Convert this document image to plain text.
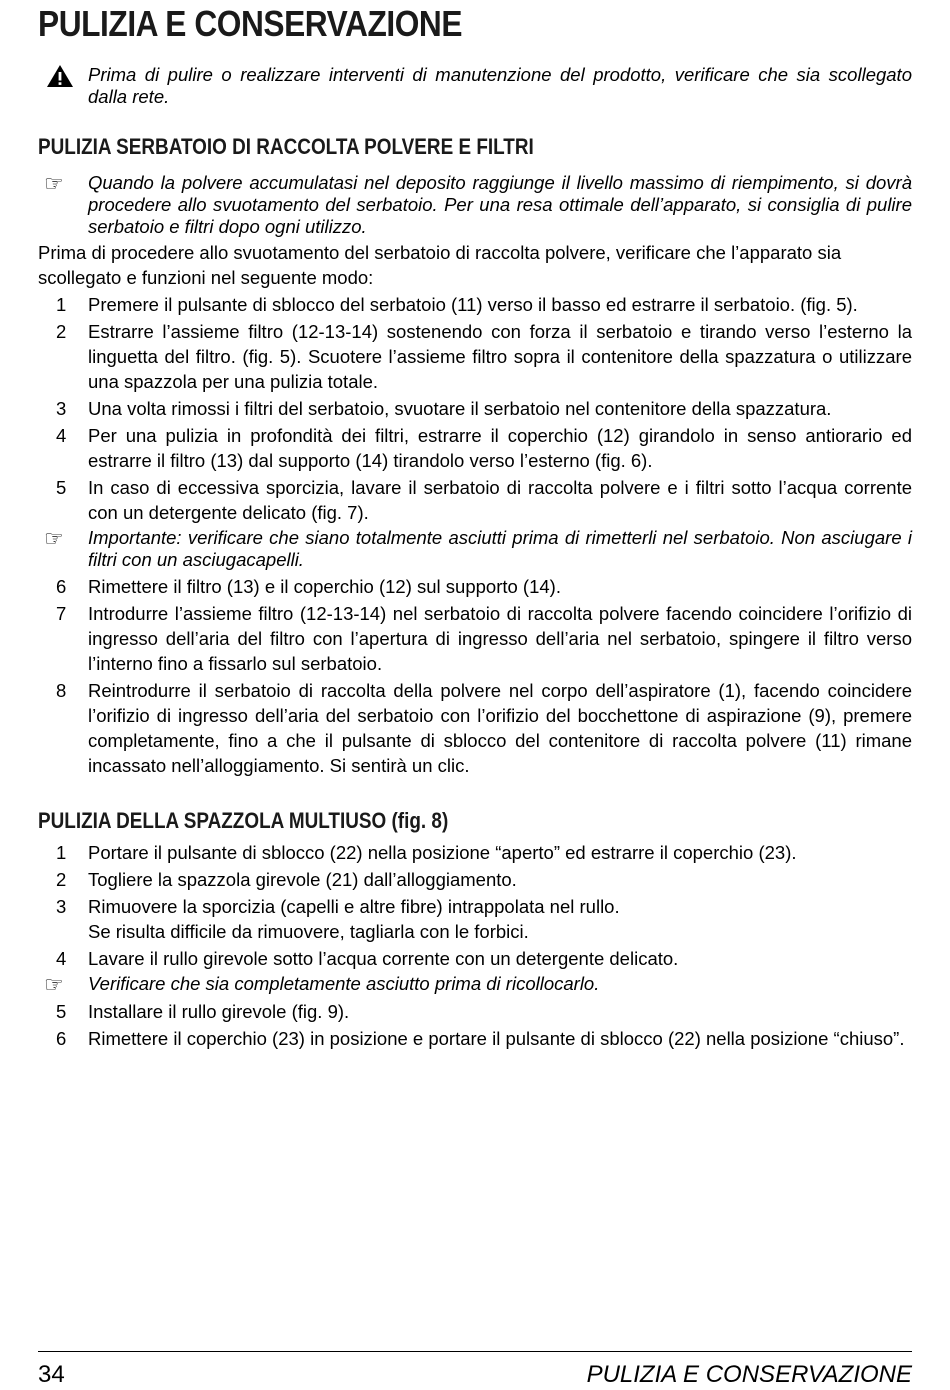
PULIZIA E CONSERVAZIONE
Prima di pulire o realizzare interventi di manutenzione del prodotto, verificare che sia scollegato dalla rete.
PULIZIA SERBATOIO DI RACCOLTA POLVERE E FILTRI
☞	Quando la polvere accumulatasi nel deposito raggiunge il livello massimo di riempimento, si dovrà procedere allo svuotamento del serbatoio. Per una resa ottimale dell’apparato, si consiglia di pulire serbatoio e filtri dopo ogni utilizzo.
Prima di procedere allo svuotamento del serbatoio di raccolta polvere, verificare che l’apparato sia scollegato e funzioni nel seguente modo:
1	Premere il pulsante di sblocco del serbatoio (11) verso il basso ed estrarre il serbatoio. (fig. 5).
2	Estrarre l’assieme filtro (12-13-14) sostenendo con forza il serbatoio e tirando verso l’esterno la linguetta del filtro. (fig. 5). Scuotere l’assieme filtro sopra il contenitore della spazzatura o utilizzare una spazzola per una pulizia totale.
3	Una volta rimossi i filtri del serbatoio, svuotare il serbatoio nel contenitore della spazzatura.
4	Per una pulizia in profondità dei filtri, estrarre il coperchio (12) girandolo in senso antiorario ed estrarre il filtro (13) dal supporto (14) tirandolo verso l’esterno (fig. 6).
5	In caso di eccessiva sporcizia, lavare il serbatoio di raccolta polvere e i filtri sotto l’acqua corrente con un detergente delicato (fig. 7).
☞	Importante: verificare che siano totalmente asciutti prima di rimetterli nel serbatoio. Non asciugare i filtri con un asciugacapelli.
6	Rimettere il filtro (13) e il coperchio (12) sul supporto (14).
7	Introdurre l’assieme filtro (12-13-14) nel serbatoio di raccolta polvere facendo coincidere l’orifizio di ingresso dell’aria del filtro con l’apertura di ingresso dell’aria nel serbatoio, spingere il filtro verso l’interno fino a fissarlo sul serbatoio.
8	Reintrodurre il serbatoio di raccolta della polvere nel corpo dell’aspiratore (1), facendo coincidere l’orifizio di ingresso dell’aria del serbatoio con l’orifizio del bocchettone di aspirazione (9), premere completamente, fino a che il pulsante di sblocco del contenitore di raccolta polvere (11) rimane incassato nell’alloggiamento. Si sentirà un clic.
PULIZIA DELLA SPAZZOLA MULTIUSO (fig. 8)
1	Portare il pulsante di sblocco (22) nella posizione “aperto” ed estrarre il coperchio (23).
2	Togliere la spazzola girevole (21) dall’alloggiamento.
3	Rimuovere la sporcizia (capelli e altre fibre) intrappolata nel rullo.
Se risulta difficile da rimuovere, tagliarla con le forbici.
4	Lavare il rullo girevole sotto l’acqua corrente con un detergente delicato.
☞	Verificare che sia completamente asciutto prima di ricollocarlo.
5	Installare il rullo girevole (fig. 9).
6	Rimettere il coperchio (23) in posizione e portare il pulsante di sblocco (22) nella posizione “chiuso”.
34	PULIZIA E CONSERVAZIONE
